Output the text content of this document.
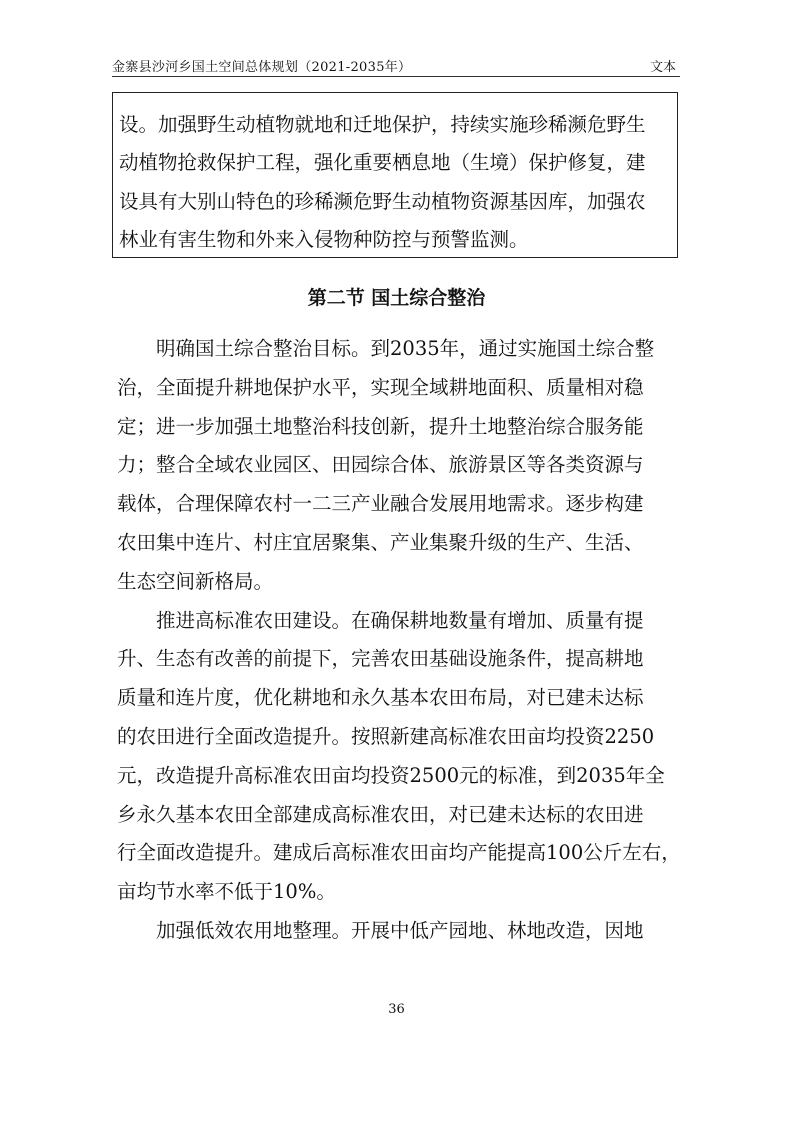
金寨县沙河乡国土空间总体规划（2021-2035年）	文本
设。加强野生动植物就地和迁地保护，持续实施珍稀濒危野生
动植物抢救保护工程，强化重要栖息地（生境）保护修复，建
设具有大别山特色的珍稀濒危野生动植物资源基因库，加强农
林业有害生物和外来入侵物种防控与预警监测。
第二节 国土综合整治
明确国土综合整治目标。到2035年，通过实施国土综合整
治，全面提升耕地保护水平，实现全域耕地面积、质量相对稳
定；进一步加强土地整治科技创新，提升土地整治综合服务能
力；整合全域农业园区、田园综合体、旅游景区等各类资源与
载体，合理保障农村一二三产业融合发展用地需求。逐步构建
农田集中连片、村庄宜居聚集、产业集聚升级的生产、生活、
生态空间新格局。
推进高标准农田建设。在确保耕地数量有增加、质量有提
升、生态有改善的前提下，完善农田基础设施条件，提高耕地
质量和连片度，优化耕地和永久基本农田布局，对已建未达标
的农田进行全面改造提升。按照新建高标准农田亩均投资2250
元，改造提升高标准农田亩均投资2500元的标准，到2035年全
乡永久基本农田全部建成高标准农田，对已建未达标的农田进
行全面改造提升。建成后高标准农田亩均产能提高100公斤左右，
亩均节水率不低于10%。
加强低效农用地整理。开展中低产园地、林地改造，因地
36
